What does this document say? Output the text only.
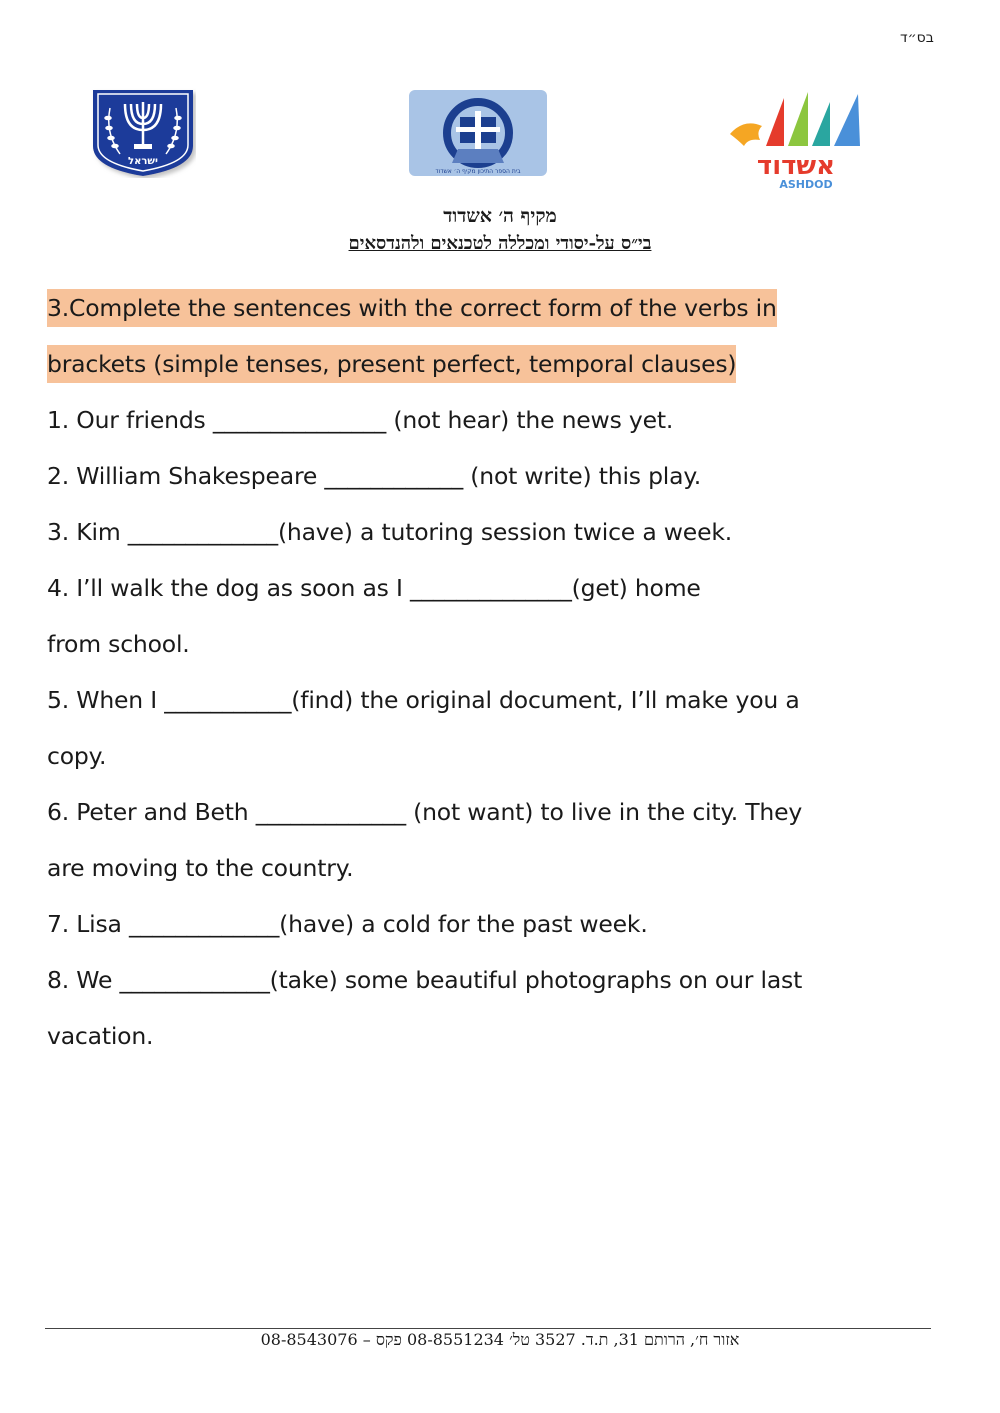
בס״ד
ישראל
בית הספר התיכון מקיף ה׳ אשדוד	אשדוד
ASHDOD
מקיף ה׳ אשדוד
בי״ס על-יסודי ומכללה לטכנאים ולהנדסאים
3.Complete the sentences with the correct form of the verbs in
brackets (simple tenses, present perfect, temporal clauses)
1. Our friends _______________ (not hear) the news yet.
2. William Shakespeare ____________ (not write) this play.
3. Kim _____________(have) a tutoring session twice a week.
4. I’ll walk the dog as soon as I ______________(get) home
from school.
5. When I ___________(find) the original document, I’ll make you a
copy.
6. Peter and Beth _____________ (not want) to live in the city. They
are moving to the country.
7. Lisa _____________(have) a cold for the past week.
8. We _____________(take) some beautiful photographs on our last
vacation.
אזור ח׳, הרותם 31, ת.ד. 3527 טל׳ 08-8551234 פקס – 08-8543076
